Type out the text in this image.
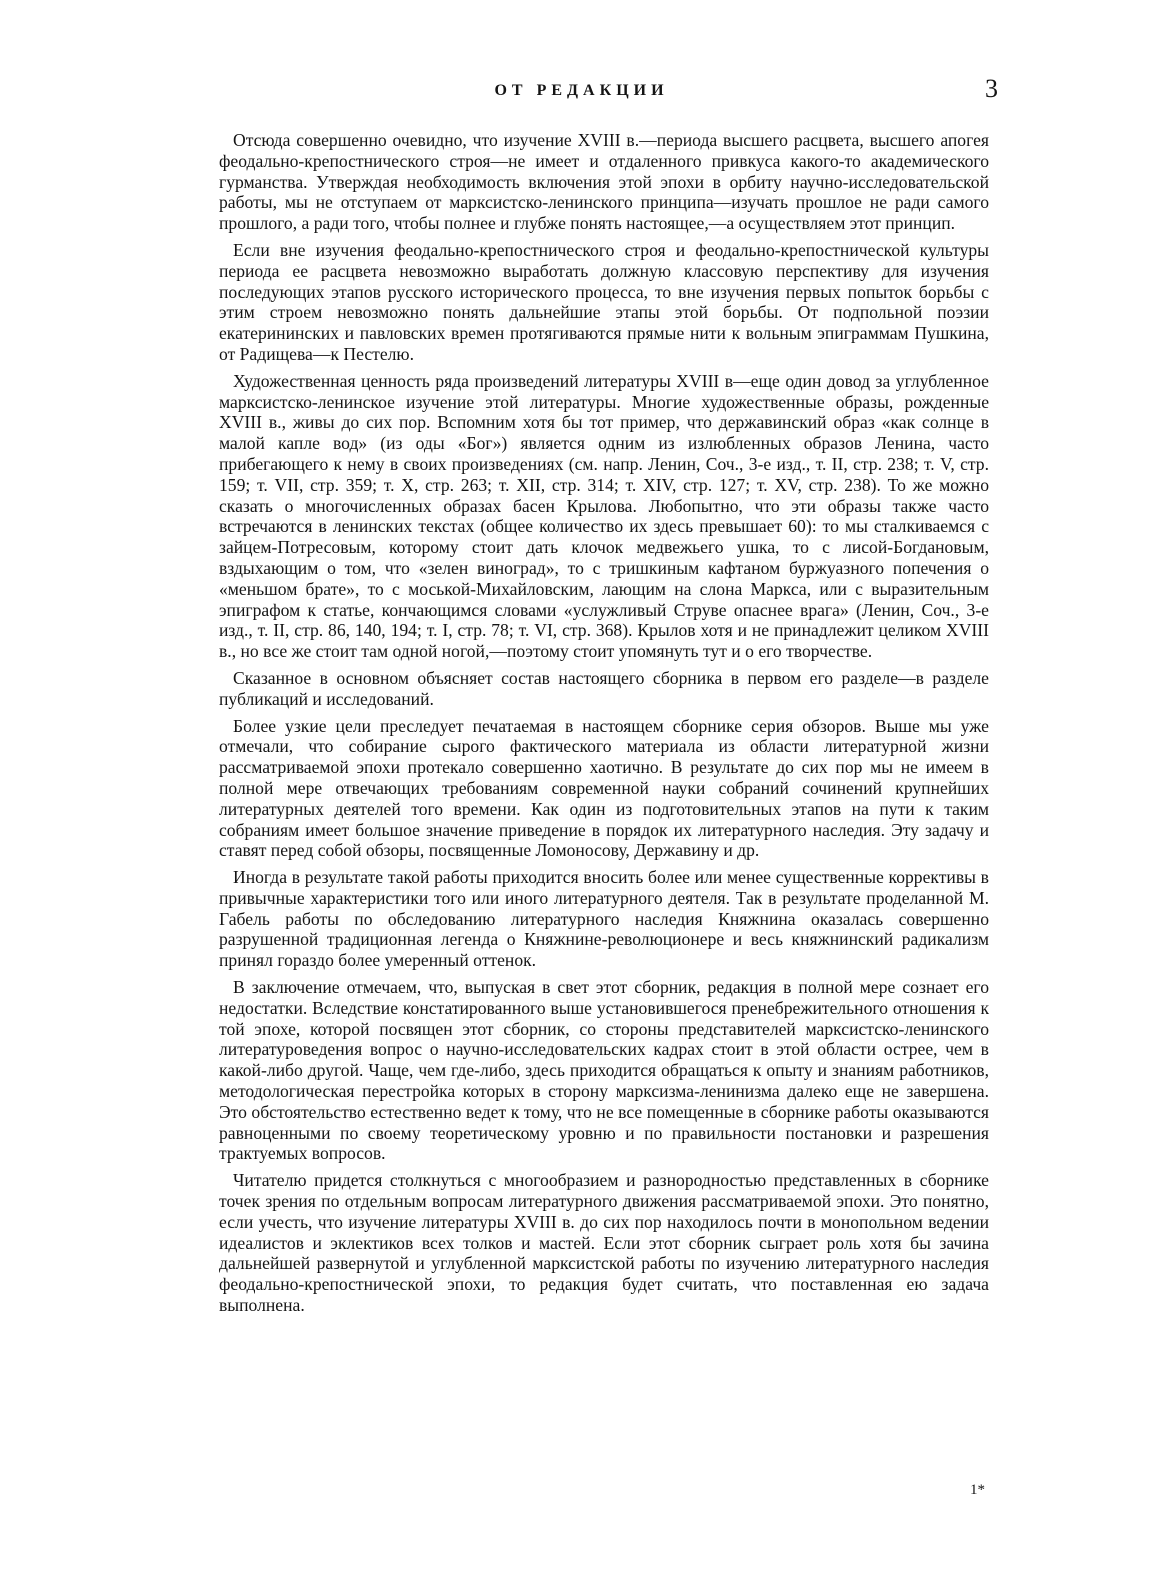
ОТ РЕДАКЦИИ	3

Отсюда совершенно очевидно, что изучение XVIII в.—периода высшего расцвета, высшего апогея феодально-крепостнического строя—не имеет и отдаленного привкуса какого-то академического гурманства. Утверждая необходимость включения этой эпохи в орбиту научно-исследовательской работы, мы не отступаем от марксистско-ленинского принципа—изучать прошлое не ради самого прошлого, а ради того, чтобы полнее и глубже понять настоящее,—а осуществляем этот принцип.

Если вне изучения феодально-крепостнического строя и феодально-крепостнической культуры периода ее расцвета невозможно выработать должную классовую перспективу для изучения последующих этапов русского исторического процесса, то вне изучения первых попыток борьбы с этим строем невозможно понять дальнейшие этапы этой борьбы. От подпольной поэзии екатерининских и павловских времен протягиваются прямые нити к вольным эпиграммам Пушкина, от Радищева—к Пестелю.

Художественная ценность ряда произведений литературы XVIII в—еще один довод за углубленное марксистско-ленинское изучение этой литературы. Многие художественные образы, рожденные XVIII в., живы до сих пор. Вспомним хотя бы тот пример, что державинский образ «как солнце в малой капле вод» (из оды «Бог») является одним из излюбленных образов Ленина, часто прибегающего к нему в своих произведениях (см. напр. Ленин, Соч., 3-е изд., т. II, стр. 238; т. V, стр. 159; т. VII, стр. 359; т. X, стр. 263; т. XII, стр. 314; т. XIV, стр. 127; т. XV, стр. 238). То же можно сказать о многочисленных образах басен Крылова. Любопытно, что эти образы также часто встречаются в ленинских текстах (общее количество их здесь превышает 60): то мы сталкиваемся с зайцем-Потресовым, которому стоит дать клочок медвежьего ушка, то с лисой-Богдановым, вздыхающим о том, что «зелен виноград», то с тришкиным кафтаном буржуазного попечения о «меньшом брате», то с моськой-Михайловским, лающим на слона Маркса, или с выразительным эпиграфом к статье, кончающимся словами «услужливый Струве опаснее врага» (Ленин, Соч., 3-е изд., т. II, стр. 86, 140, 194; т. I, стр. 78; т. VI, стр. 368). Крылов хотя и не принадлежит целиком XVIII в., но все же стоит там одной ногой,—поэтому стоит упомянуть тут и о его творчестве.

Сказанное в основном объясняет состав настоящего сборника в первом его разделе—в разделе публикаций и исследований.

Более узкие цели преследует печатаемая в настоящем сборнике серия обзоров. Выше мы уже отмечали, что собирание сырого фактического материала из области литературной жизни рассматриваемой эпохи протекало совершенно хаотично. В результате до сих пор мы не имеем в полной мере отвечающих требованиям современной науки собраний сочинений крупнейших литературных деятелей того времени. Как один из подготовительных этапов на пути к таким собраниям имеет большое значение приведение в порядок их литературного наследия. Эту задачу и ставят перед собой обзоры, посвященные Ломоносову, Державину и др.

Иногда в результате такой работы приходится вносить более или менее существенные коррективы в привычные характеристики того или иного литературного деятеля. Так в результате проделанной М. Габель работы по обследованию литературного наследия Княжнина оказалась совершенно разрушенной традиционная легенда о Княжнине-революционере и весь княжнинский радикализм принял гораздо более умеренный оттенок.

В заключение отмечаем, что, выпуская в свет этот сборник, редакция в полной мере сознает его недостатки. Вследствие констатированного выше установившегося пренебрежительного отношения к той эпохе, которой посвящен этот сборник, со стороны представителей марксистско-ленинского литературоведения вопрос о научно-исследовательских кадрах стоит в этой области острее, чем в какой-либо другой. Чаще, чем где-либо, здесь приходится обращаться к опыту и знаниям работников, методологическая перестройка которых в сторону марксизма-ленинизма далеко еще не завершена. Это обстоятельство естественно ведет к тому, что не все помещенные в сборнике работы оказываются равноценными по своему теоретическому уровню и по правильности постановки и разрешения трактуемых вопросов.

Читателю придется столкнуться с многообразием и разнородностью представленных в сборнике точек зрения по отдельным вопросам литературного движения рассматриваемой эпохи. Это понятно, если учесть, что изучение литературы XVIII в. до сих пор находилось почти в монопольном ведении идеалистов и эклектиков всех толков и мастей. Если этот сборник сыграет роль хотя бы зачина дальнейшей развернутой и углубленной марксистской работы по изучению литературного наследия феодально-крепостнической эпохи, то редакция будет считать, что поставленная ею задача выполнена.

1*
